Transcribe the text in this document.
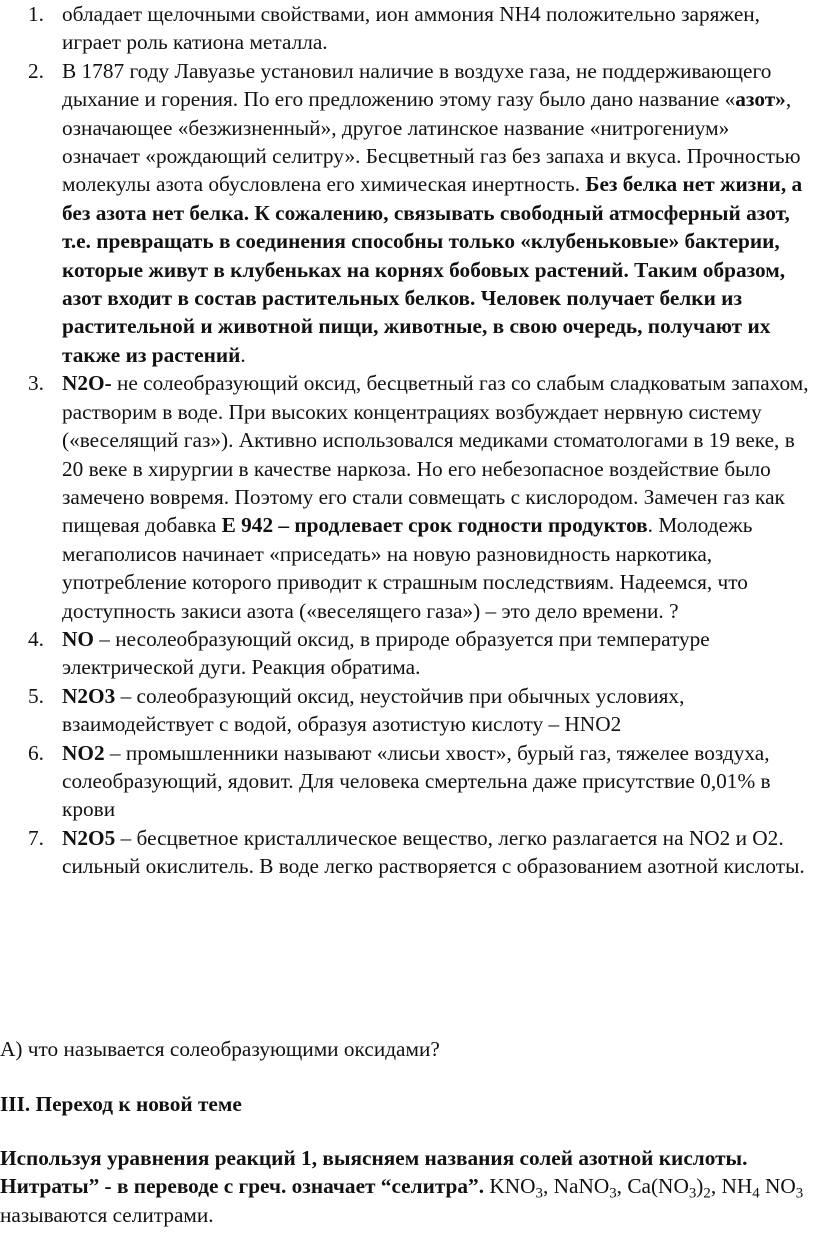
1. обладает щелочными свойствами, ион аммония NH4 положительно заряжен, играет роль катиона металла.
2. В 1787 году Лавуазье установил наличие в воздухе газа, не поддерживающего дыхание и горения. По его предложению этому газу было дано название «азот», означающее «безжизненный», другое латинское название «нитрогениум» означает «рождающий селитру». Бесцветный газ без запаха и вкуса. Прочностью молекулы азота обусловлена его химическая инертность. Без белка нет жизни, а без азота нет белка. К сожалению, связывать свободный атмосферный азот, т.е. превращать в соединения способны только «клубеньковые» бактерии, которые живут в клубеньках на корнях бобовых растений. Таким образом, азот входит в состав растительных белков. Человек получает белки из растительной и животной пищи, животные, в свою очередь, получают их также из растений.
3. N2O- не солеобразующий оксид, бесцветный газ со слабым сладковатым запахом, растворим в воде. При высоких концентрациях возбуждает нервную систему («веселящий газ»). Активно использовался медиками стоматологами в 19 веке, в 20 веке в хирургии в качестве наркоза. Но его небезопасное воздействие было замечено вовремя. Поэтому его стали совмещать с кислородом. Замечен газ как пищевая добавка Е 942 – продлевает срок годности продуктов. Молодежь мегаполисов начинает «приседать» на новую разновидность наркотика, употребление которого приводит к страшным последствиям. Надеемся, что доступность закиси азота («веселящего газа») – это дело времени. ?
4. NO – несолеобразующий оксид, в природе образуется при температуре электрической дуги. Реакция обратима.
5. N2O3 – солеобразующий оксид, неустойчив при обычных условиях, взаимодействует с водой, образуя азотистую кислоту – HNO2
6. NO2 – промышленники называют «лисьи хвост», бурый газ, тяжелее воздуха, солеобразующий, ядовит. Для человека смертельна даже присутствие 0,01% в крови
7. N2O5 – бесцветное кристаллическое вещество, легко разлагается на NO2 и O2. сильный окислитель. В воде легко растворяется с образованием азотной кислоты.
А) что называется солеобразующими оксидами?
III. Переход к новой теме
Используя уравнения реакций 1, выясняем названия солей азотной кислоты. Нитраты” - в переводе с греч. означает “селитра”. $KNO_3$, NaNO$_3$, $Ca(NO_3)_2$, $NH_4$ $NO_3$ называются селитрами.
